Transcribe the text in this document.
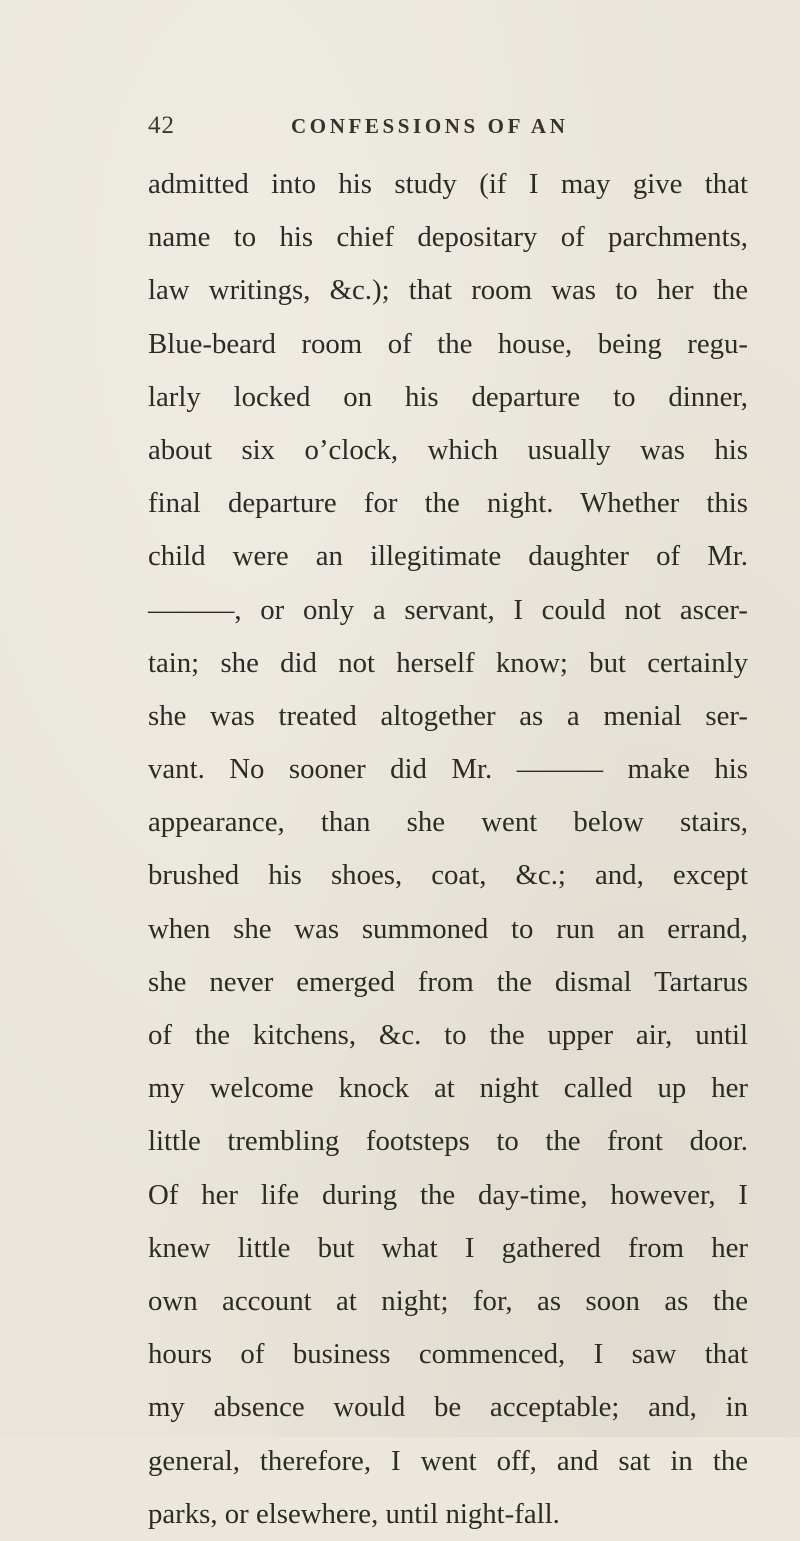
42	CONFESSIONS OF AN
admitted into his study (if I may give that
name to his chief depositary of parchments,
law writings, &c.); that room was to her the
Blue-beard room of the house, being regu-
larly locked on his departure to dinner,
about six o’clock, which usually was his
final departure for the night. Whether this
child were an illegitimate daughter of Mr.
———, or only a servant, I could not ascer-
tain; she did not herself know; but certainly
she was treated altogether as a menial ser-
vant. No sooner did Mr. ——— make his
appearance, than she went below stairs,
brushed his shoes, coat, &c.; and, except
when she was summoned to run an errand,
she never emerged from the dismal Tartarus
of the kitchens, &c. to the upper air, until
my welcome knock at night called up her
little trembling footsteps to the front door.
Of her life during the day-time, however, I
knew little but what I gathered from her
own account at night; for, as soon as the
hours of business commenced, I saw that
my absence would be acceptable; and, in
general, therefore, I went off, and sat in the
parks, or elsewhere, until night-fall.
